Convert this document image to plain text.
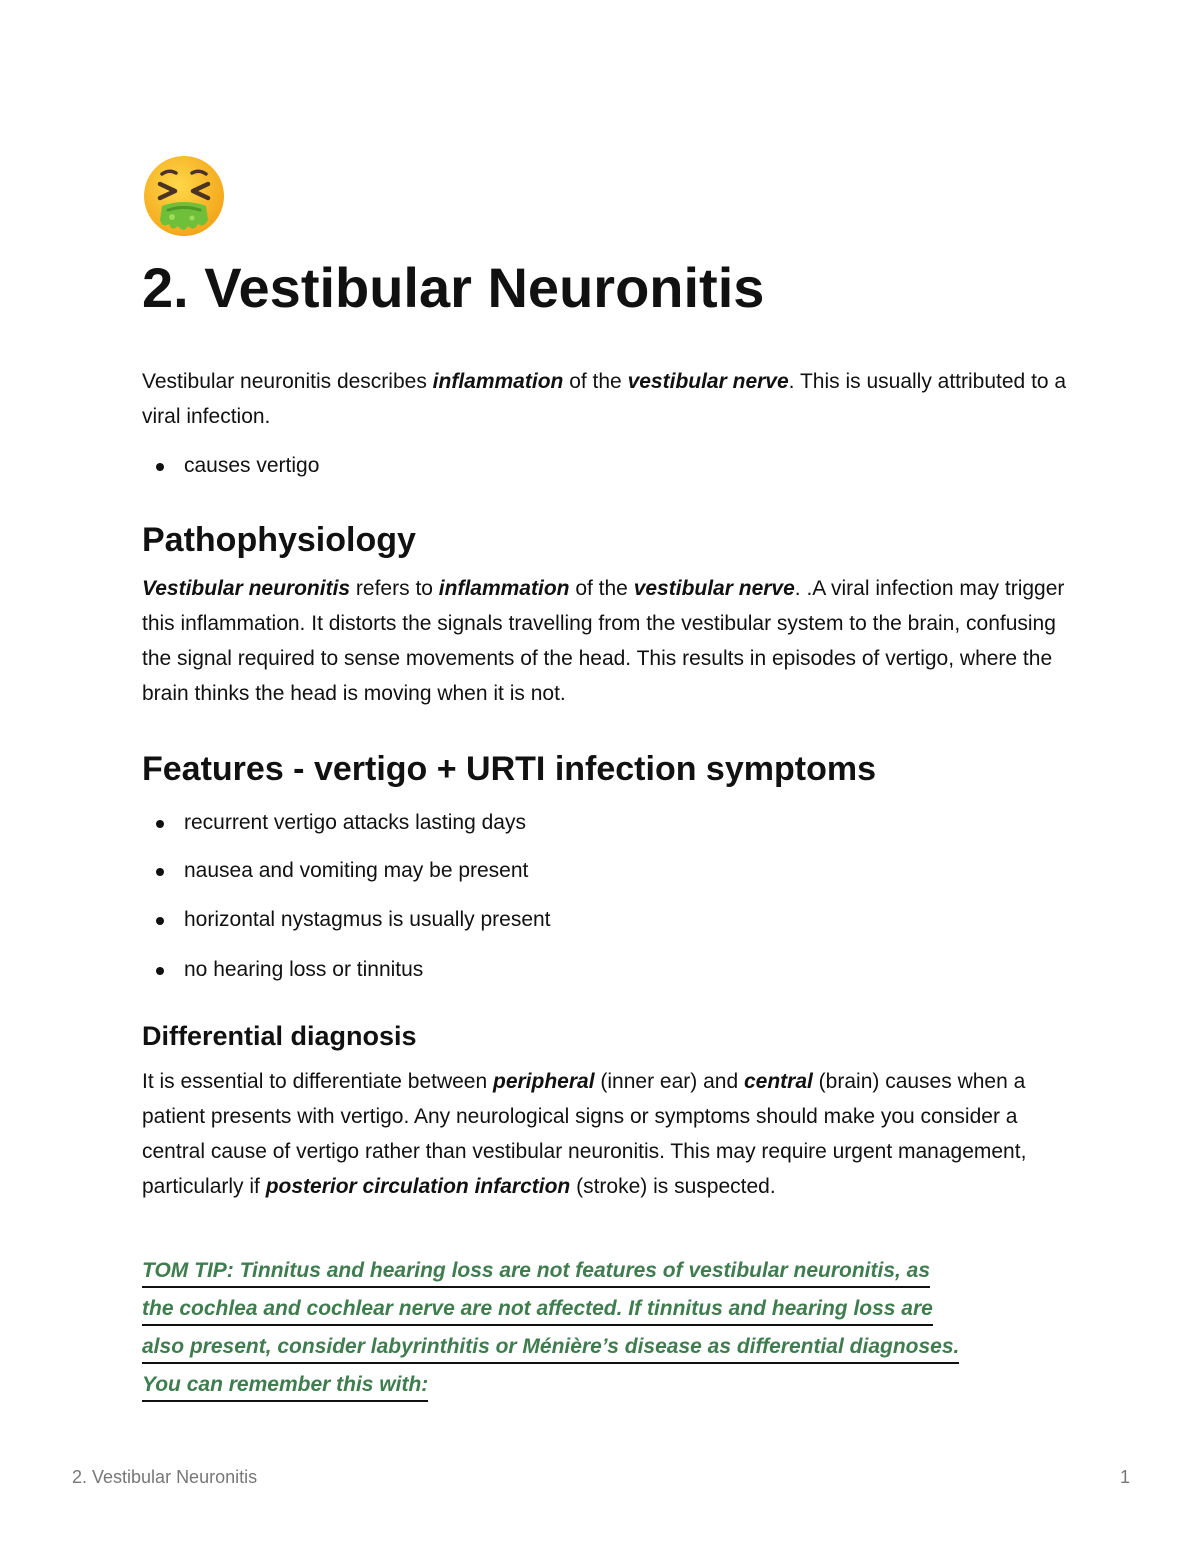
2. Vestibular Neuronitis

Vestibular neuronitis describes inflammation of the vestibular nerve. This is usually attributed to a viral infection.

causes vertigo
Pathophysiology

Vestibular neuronitis refers to inflammation of the vestibular nerve. .A viral infection may trigger this inflammation. It distorts the signals travelling from the vestibular system to the brain, confusing the signal required to sense movements of the head. This results in episodes of vertigo, where the brain thinks the head is moving when it is not.

Features - vertigo + URTI infection symptoms
recurrent vertigo attacks lasting days
nausea and vomiting may be present
horizontal nystagmus is usually present
no hearing loss or tinnitus
Differential diagnosis

It is essential to differentiate between peripheral (inner ear) and central (brain) causes when a patient presents with vertigo. Any neurological signs or symptoms should make you consider a central cause of vertigo rather than vestibular neuronitis. This may require urgent management, particularly if posterior circulation infarction (stroke) is suspected.

TOM TIP: Tinnitus and hearing loss are not features of vestibular neuronitis, as
the cochlea and cochlear nerve are not affected. If tinnitus and hearing loss are
also present, consider labyrinthitis or Ménière’s disease as differential diagnoses.
You can remember this with:
2. Vestibular Neuronitis	1
